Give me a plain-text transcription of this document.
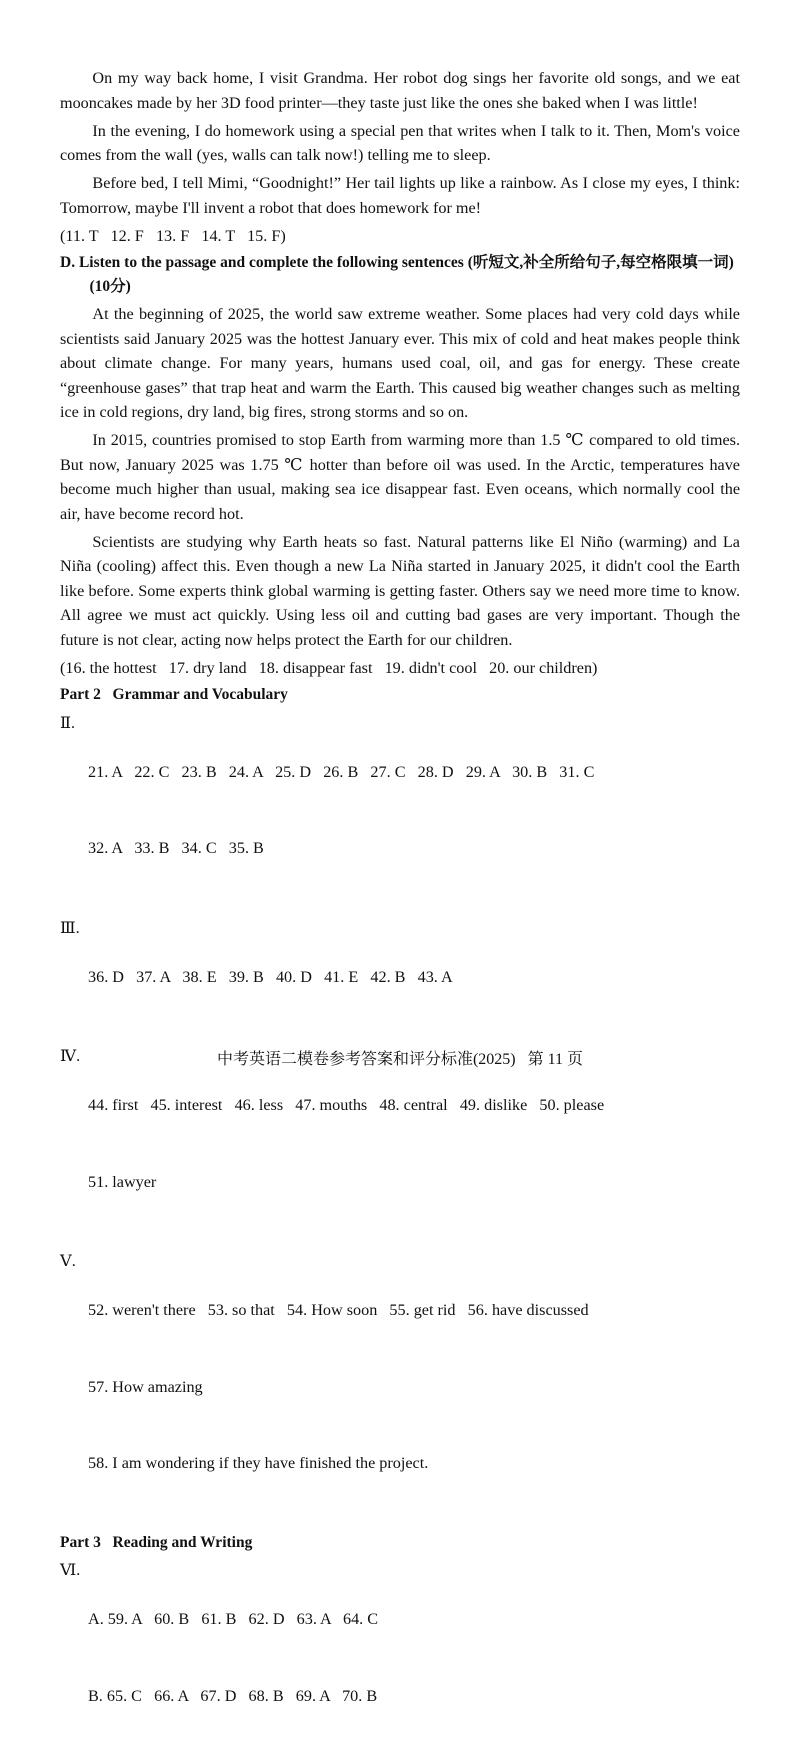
On my way back home, I visit Grandma. Her robot dog sings her favorite old songs, and we eat mooncakes made by her 3D food printer—they taste just like the ones she baked when I was little!

In the evening, I do homework using a special pen that writes when I talk to it. Then, Mom's voice comes from the wall (yes, walls can talk now!) telling me to sleep.

Before bed, I tell Mimi, “Goodnight!” Her tail lights up like a rainbow. As I close my eyes, I think: Tomorrow, maybe I'll invent a robot that does homework for me!

(11. T   12. F   13. F   14. T   15. F)

D. Listen to the passage and complete the following sentences (听短文,补全所给句子,每空格限填一词) (10分)

At the beginning of 2025, the world saw extreme weather. Some places had very cold days while scientists said January 2025 was the hottest January ever. This mix of cold and heat makes people think about climate change. For many years, humans used coal, oil, and gas for energy. These create “greenhouse gases” that trap heat and warm the Earth. This caused big weather changes such as melting ice in cold regions, dry land, big fires, strong storms and so on.

In 2015, countries promised to stop Earth from warming more than 1.5 ℃ compared to old times. But now, January 2025 was 1.75 ℃ hotter than before oil was used. In the Arctic, temperatures have become much higher than usual, making sea ice disappear fast. Even oceans, which normally cool the air, have become record hot.

Scientists are studying why Earth heats so fast. Natural patterns like El Niño (warming) and La Niña (cooling) affect this. Even though a new La Niña started in January 2025, it didn't cool the Earth like before. Some experts think global warming is getting faster. Others say we need more time to know. All agree we must act quickly. Using less oil and cutting bad gases are very important. Though the future is not clear, acting now helps protect the Earth for our children.

(16. the hottest   17. dry land   18. disappear fast   19. didn't cool   20. our children)

Part 2   Grammar and Vocabulary
Ⅱ.

21. A   22. C   23. B   24. A   25. D   26. B   27. C   28. D   29. A   30. B   31. C

32. A   33. B   34. C   35. B

Ⅲ.

36. D   37. A   38. E   39. B   40. D   41. E   42. B   43. A

Ⅳ.

44. first   45. interest   46. less   47. mouths   48. central   49. dislike   50. please

51. lawyer

Ⅴ.

52. weren't there   53. so that   54. How soon   55. get rid   56. have discussed

57. How amazing

58. I am wondering if they have finished the project.

Part 3   Reading and Writing
Ⅵ.

A. 59. A   60. B   61. B   62. D   63. A   64. C

B. 65. C   66. A   67. D   68. B   69. A   70. B

中考英语二模卷参考答案和评分标准(2025)   第 11 页
